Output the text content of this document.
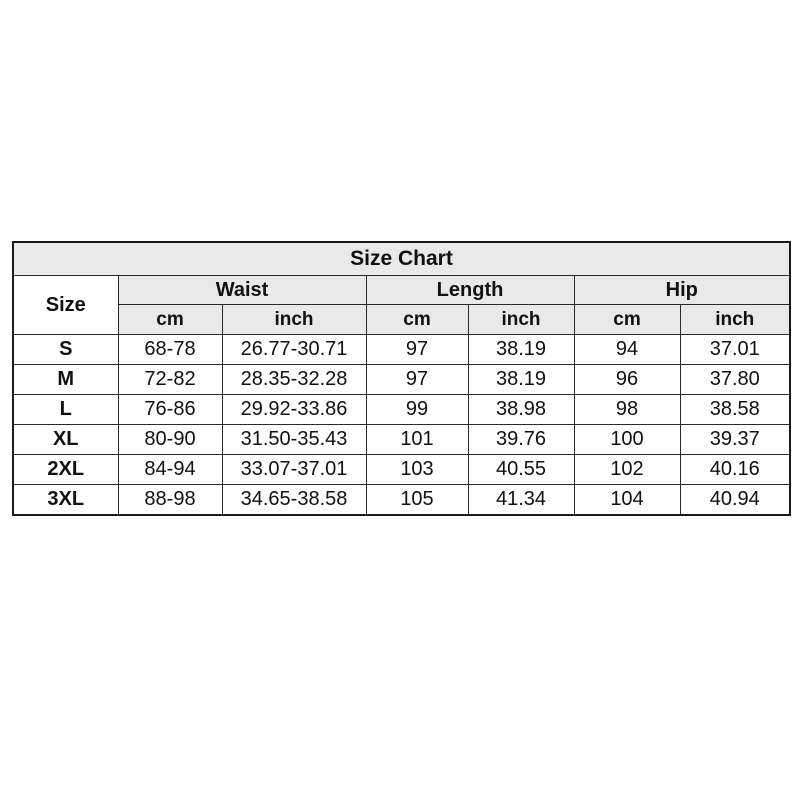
Size Chart						
Size	Waist		Length		Hip	
	cm	inch	cm	inch	cm	inch
S	68-78	26.77-30.71	97	38.19	94	37.01
M	72-82	28.35-32.28	97	38.19	96	37.80
L	76-86	29.92-33.86	99	38.98	98	38.58
XL	80-90	31.50-35.43	101	39.76	100	39.37
2XL	84-94	33.07-37.01	103	40.55	102	40.16
3XL	88-98	34.65-38.58	105	41.34	104	40.94
